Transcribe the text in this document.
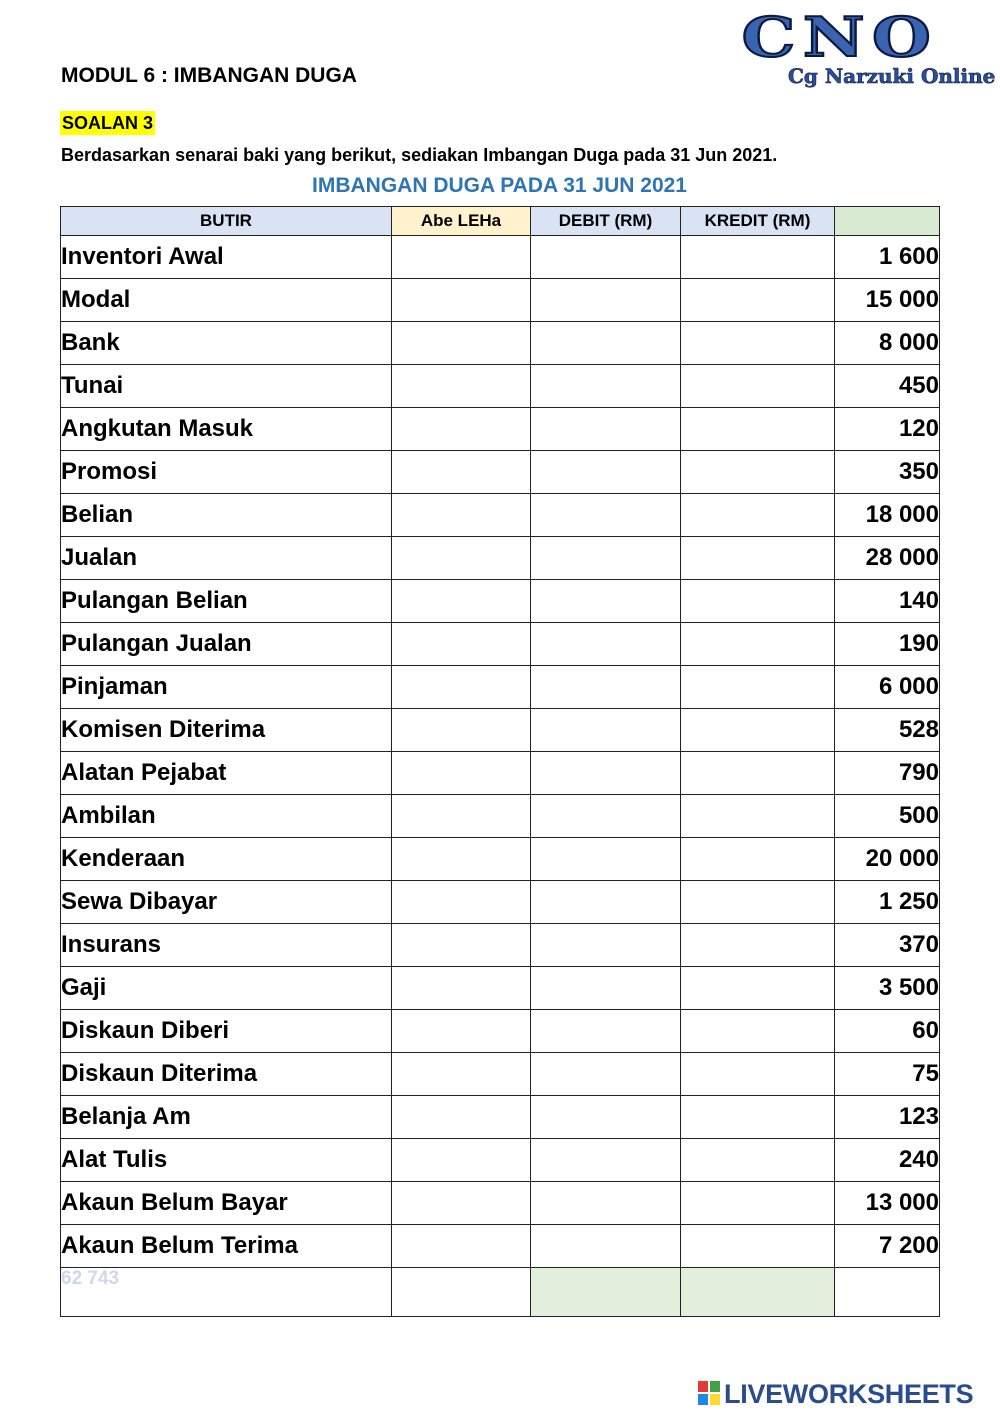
CNO
Cg Narzuki Online
MODUL 6 : IMBANGAN DUGA
SOALAN 3
Berdasarkan senarai baki yang berikut, sediakan Imbangan Duga pada 31 Jun 2021.
IMBANGAN DUGA PADA 31 JUN 2021
BUTIR	Abe LEHa	DEBIT (RM)	KREDIT (RM)	
Inventori Awal				1 600
Modal				15 000
Bank				8 000
Tunai				450
Angkutan Masuk				120
Promosi				350
Belian				18 000
Jualan				28 000
Pulangan Belian				140
Pulangan Jualan				190
Pinjaman				6 000
Komisen Diterima				528
Alatan Pejabat				790
Ambilan				500
Kenderaan				20 000
Sewa Dibayar				1 250
Insurans				370
Gaji				3 500
Diskaun Diberi				60
Diskaun Diterima				75
Belanja Am				123
Alat Tulis				240
Akaun Belum Bayar				13 000
Akaun Belum Terima				7 200
62 743				
LIVEWORKSHEETS
